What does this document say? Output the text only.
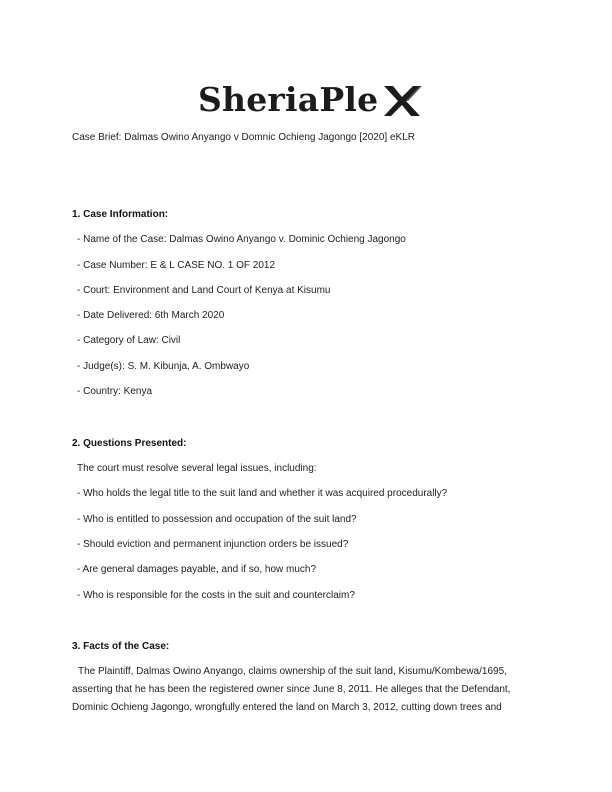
SheriaPle
Case Brief: Dalmas Owino Anyango v Domnic Ochieng Jagongo [2020] eKLR
1. Case Information:
- Name of the Case: Dalmas Owino Anyango v. Dominic Ochieng Jagongo
- Case Number: E & L CASE NO. 1 OF 2012
- Court: Environment and Land Court of Kenya at Kisumu
- Date Delivered: 6th March 2020
- Category of Law: Civil
- Judge(s): S. M. Kibunja, A. Ombwayo
- Country: Kenya
2. Questions Presented:
The court must resolve several legal issues, including:
- Who holds the legal title to the suit land and whether it was acquired procedurally?
- Who is entitled to possession and occupation of the suit land?
- Should eviction and permanent injunction orders be issued?
- Are general damages payable, and if so, how much?
- Who is responsible for the costs in the suit and counterclaim?
3. Facts of the Case:
The Plaintiff, Dalmas Owino Anyango, claims ownership of the suit land, Kisumu/Kombewa/1695, asserting that he has been the registered owner since June 8, 2011. He alleges that the Defendant, Dominic Ochieng Jagongo, wrongfully entered the land on March 3, 2012, cutting down trees and
